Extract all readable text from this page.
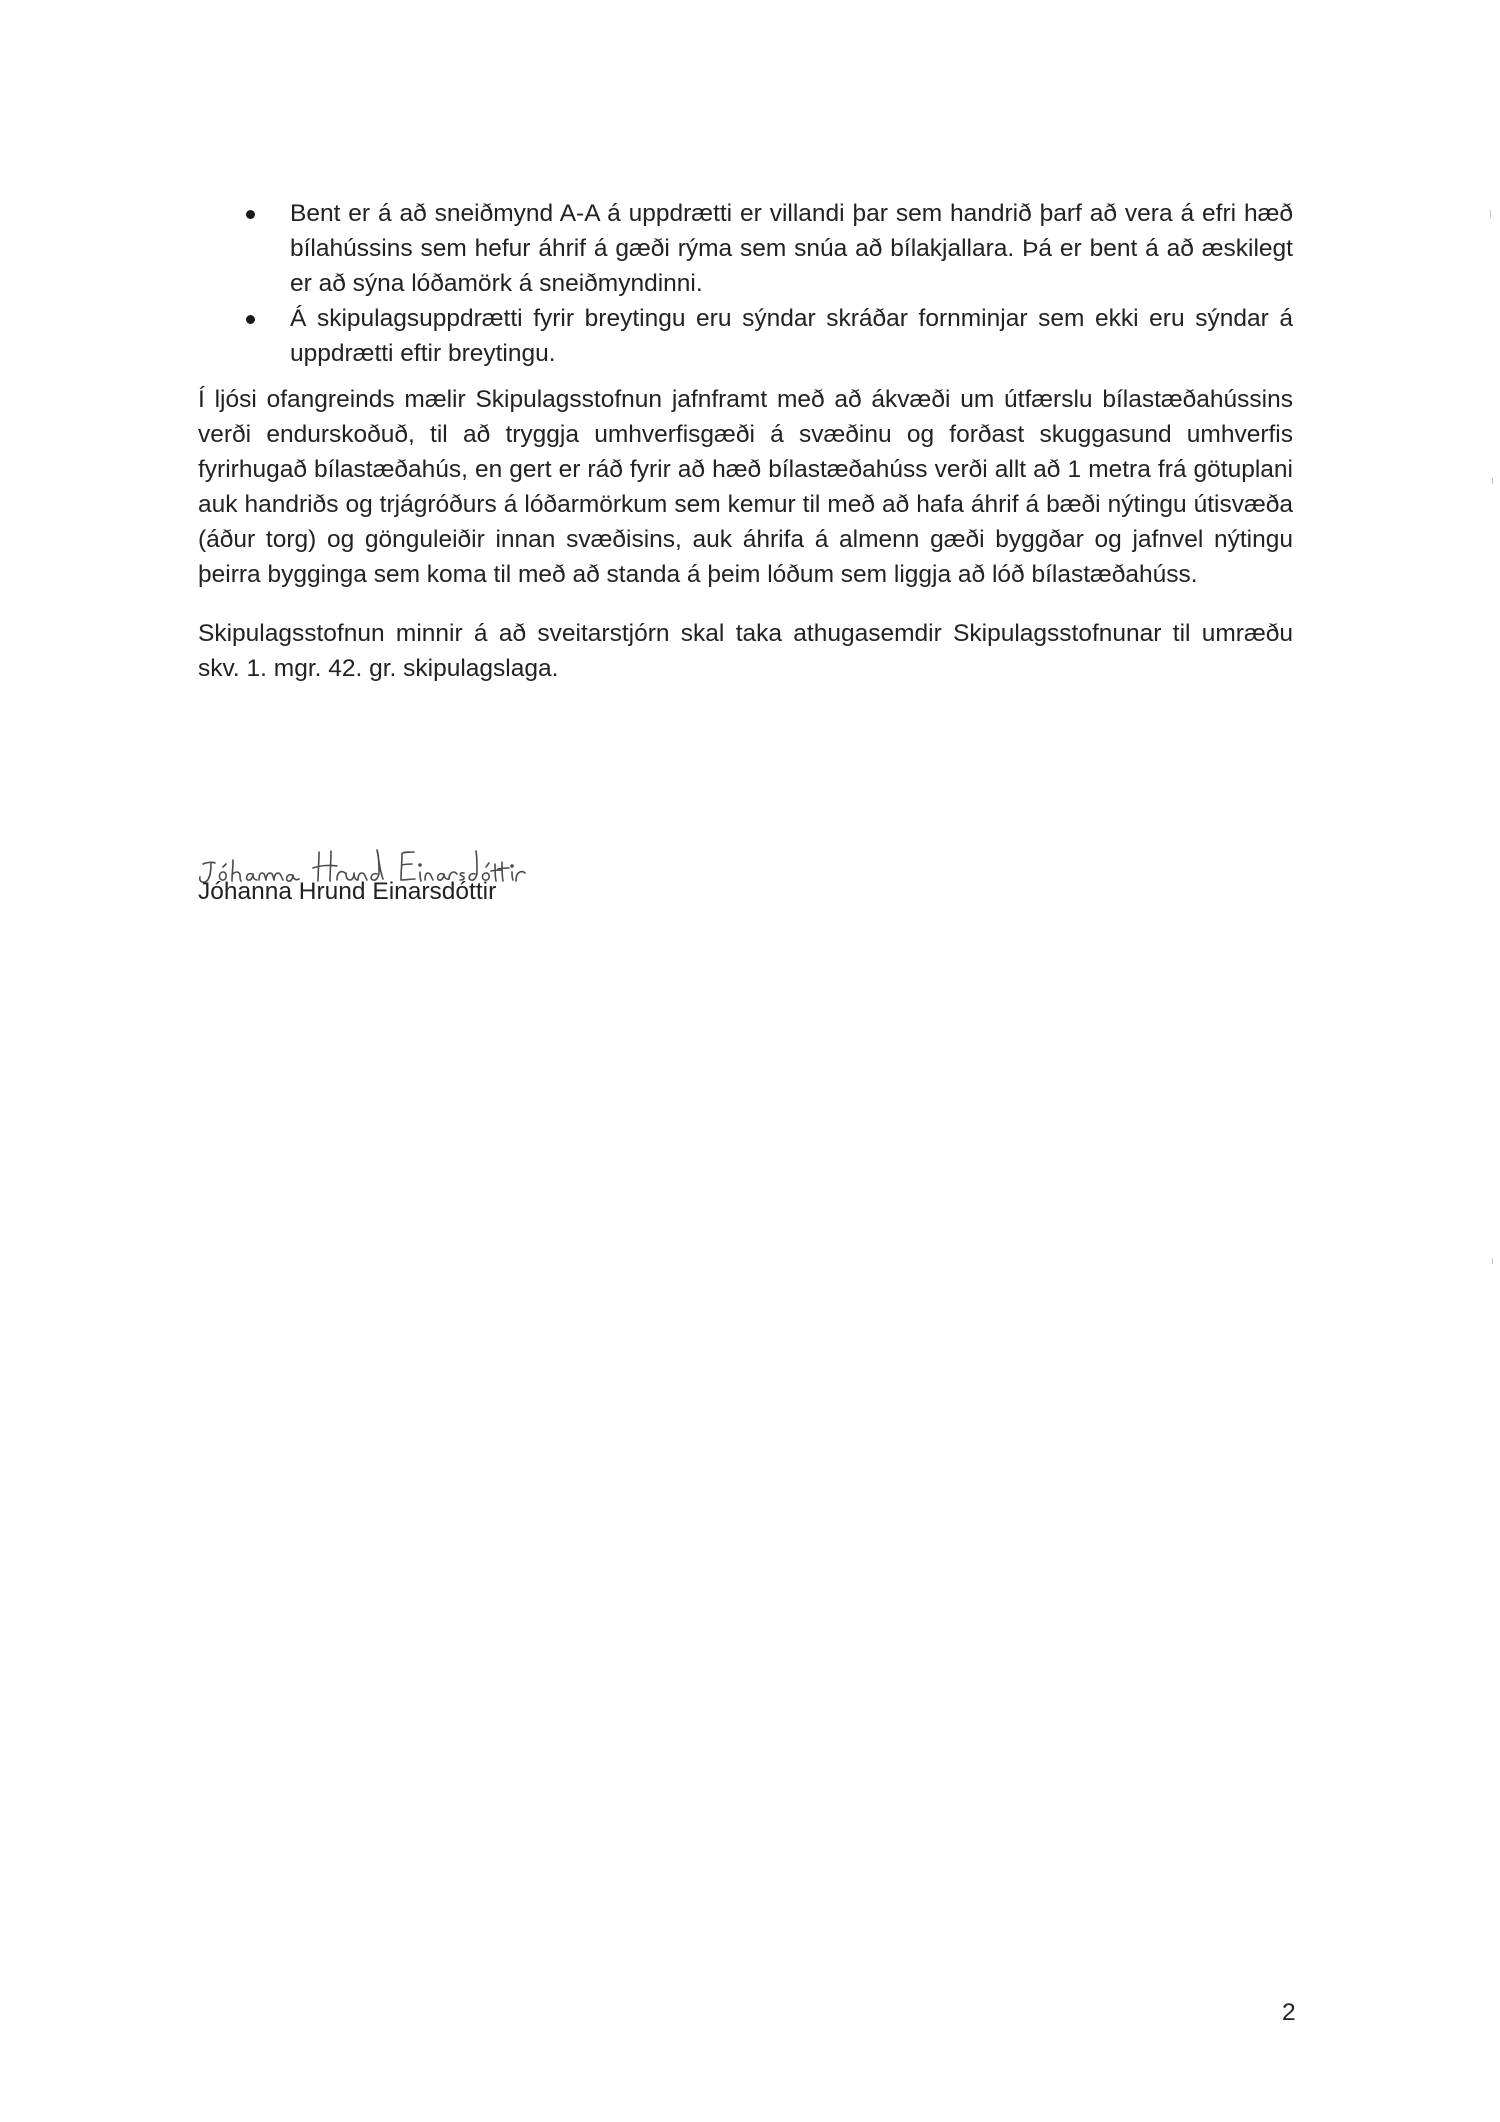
Bent er á að sneiðmynd A-A á uppdrætti er villandi þar sem handrið þarf að vera á efri hæð bílahússins sem hefur áhrif á gæði rýma sem snúa að bílakjallara. Þá er bent á að æskilegt er að sýna lóðamörk á sneiðmyndinni.
Á skipulagsuppdrætti fyrir breytingu eru sýndar skráðar fornminjar sem ekki eru sýndar á uppdrætti eftir breytingu.

Í ljósi ofangreinds mælir Skipulagsstofnun jafnframt með að ákvæði um útfærslu bílastæðahússins verði endurskoðuð, til að tryggja umhverfisgæði á svæðinu og forðast skuggasund umhverfis fyrirhugað bílastæðahús, en gert er ráð fyrir að hæð bílastæðahúss verði allt að 1 metra frá götuplani auk handriðs og trjágróðurs á lóðarmörkum sem kemur til með að hafa áhrif á bæði nýtingu útisvæða (áður torg) og gönguleiðir innan svæðisins, auk áhrifa á almenn gæði byggðar og jafnvel nýtingu þeirra bygginga sem koma til með að standa á þeim lóðum sem liggja að lóð bílastæðahúss.

Skipulagsstofnun minnir á að sveitarstjórn skal taka athugasemdir Skipulagsstofnunar til umræðu skv. 1. mgr. 42. gr. skipulagslaga.

Jóhanna Hrund Einarsdóttir
2
